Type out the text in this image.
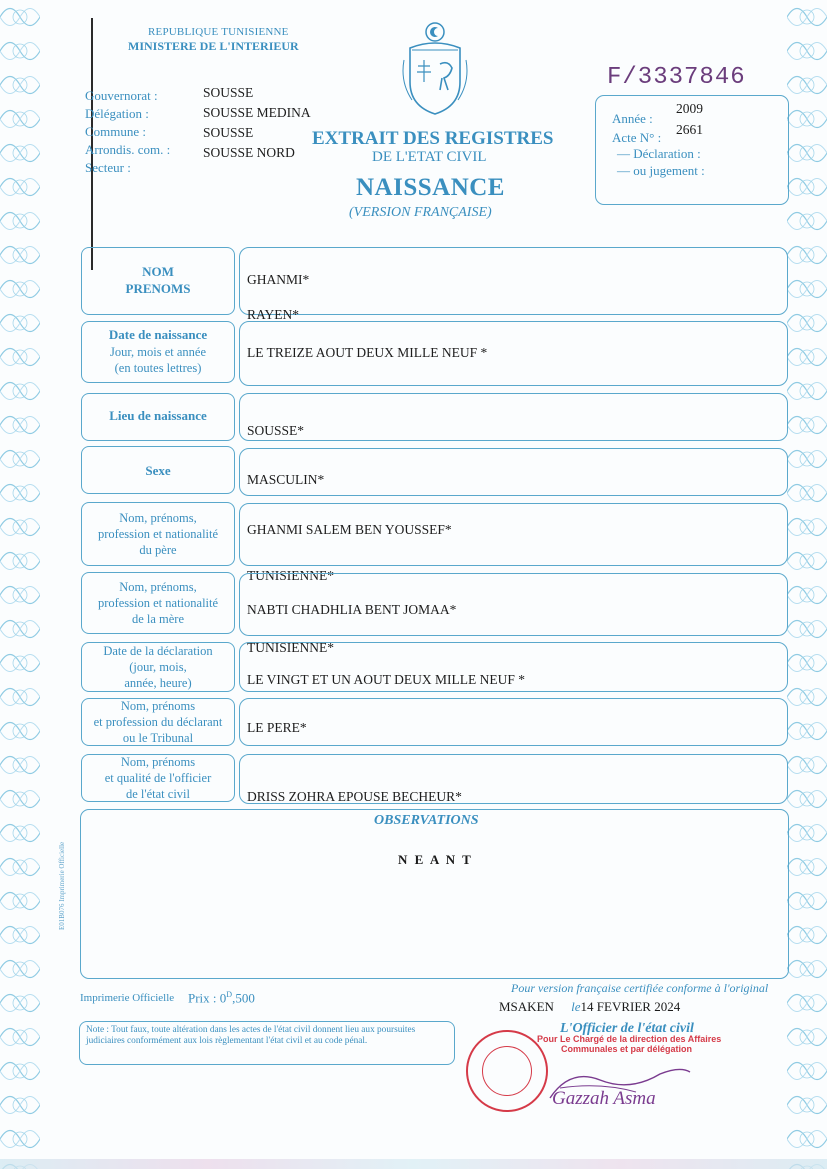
REPUBLIQUE TUNISIENNE
MINISTERE DE L'INTERIEUR
F/3337846
Gouvernorat :
Délégation :
Commune :
Arrondis. com. :
Secteur :
SOUSSE
SOUSSE MEDINA
SOUSSE
SOUSSE NORD
EXTRAIT DES REGISTRES
DE L'ETAT CIVIL
NAISSANCE
(VERSION FRANÇAISE)
Année :
2009
Acte N° :
2661
— Déclaration :
— ou jugement :
NOM
PRENOMS
GHANMI*
RAYEN*
Date de naissance
Jour, mois et année
(en toutes lettres)
LE TREIZE AOUT DEUX MILLE NEUF *
Lieu de naissance
SOUSSE*
Sexe
MASCULIN*
Nom, prénoms,
profession et nationalité
du père
GHANMI SALEM BEN YOUSSEF*
TUNISIENNE*
Nom, prénoms,
profession et nationalité
de la mère
NABTI CHADHLIA BENT JOMAA*
TUNISIENNE*
Date de la déclaration
(jour, mois,
année, heure)	LE VINGT ET UN AOUT DEUX MILLE NEUF *
Nom, prénoms
et profession du déclarant
ou le Tribunal
LE PERE*
Nom, prénoms
et qualité de l'officier
de l'état civil	DRISS ZOHRA EPOUSE BECHEUR*
OBSERVATIONS
N E A N T
E01B076 Imprimerie Officielle
Imprimerie Officielle Prix : $0^D,500$
Pour version française certifiée conforme à l'original
MSAKEN le14 FEVRIER 2024
L'Officier de l'état civil
Pour Le Chargé de la direction des Affaires
Communales et par délégation
Note : Tout faux, toute altération dans les actes de l'état civil donnent lieu aux poursuites judiciaires conformément aux lois règlementant l'état civil et au code pénal.
Gazzah Asma
